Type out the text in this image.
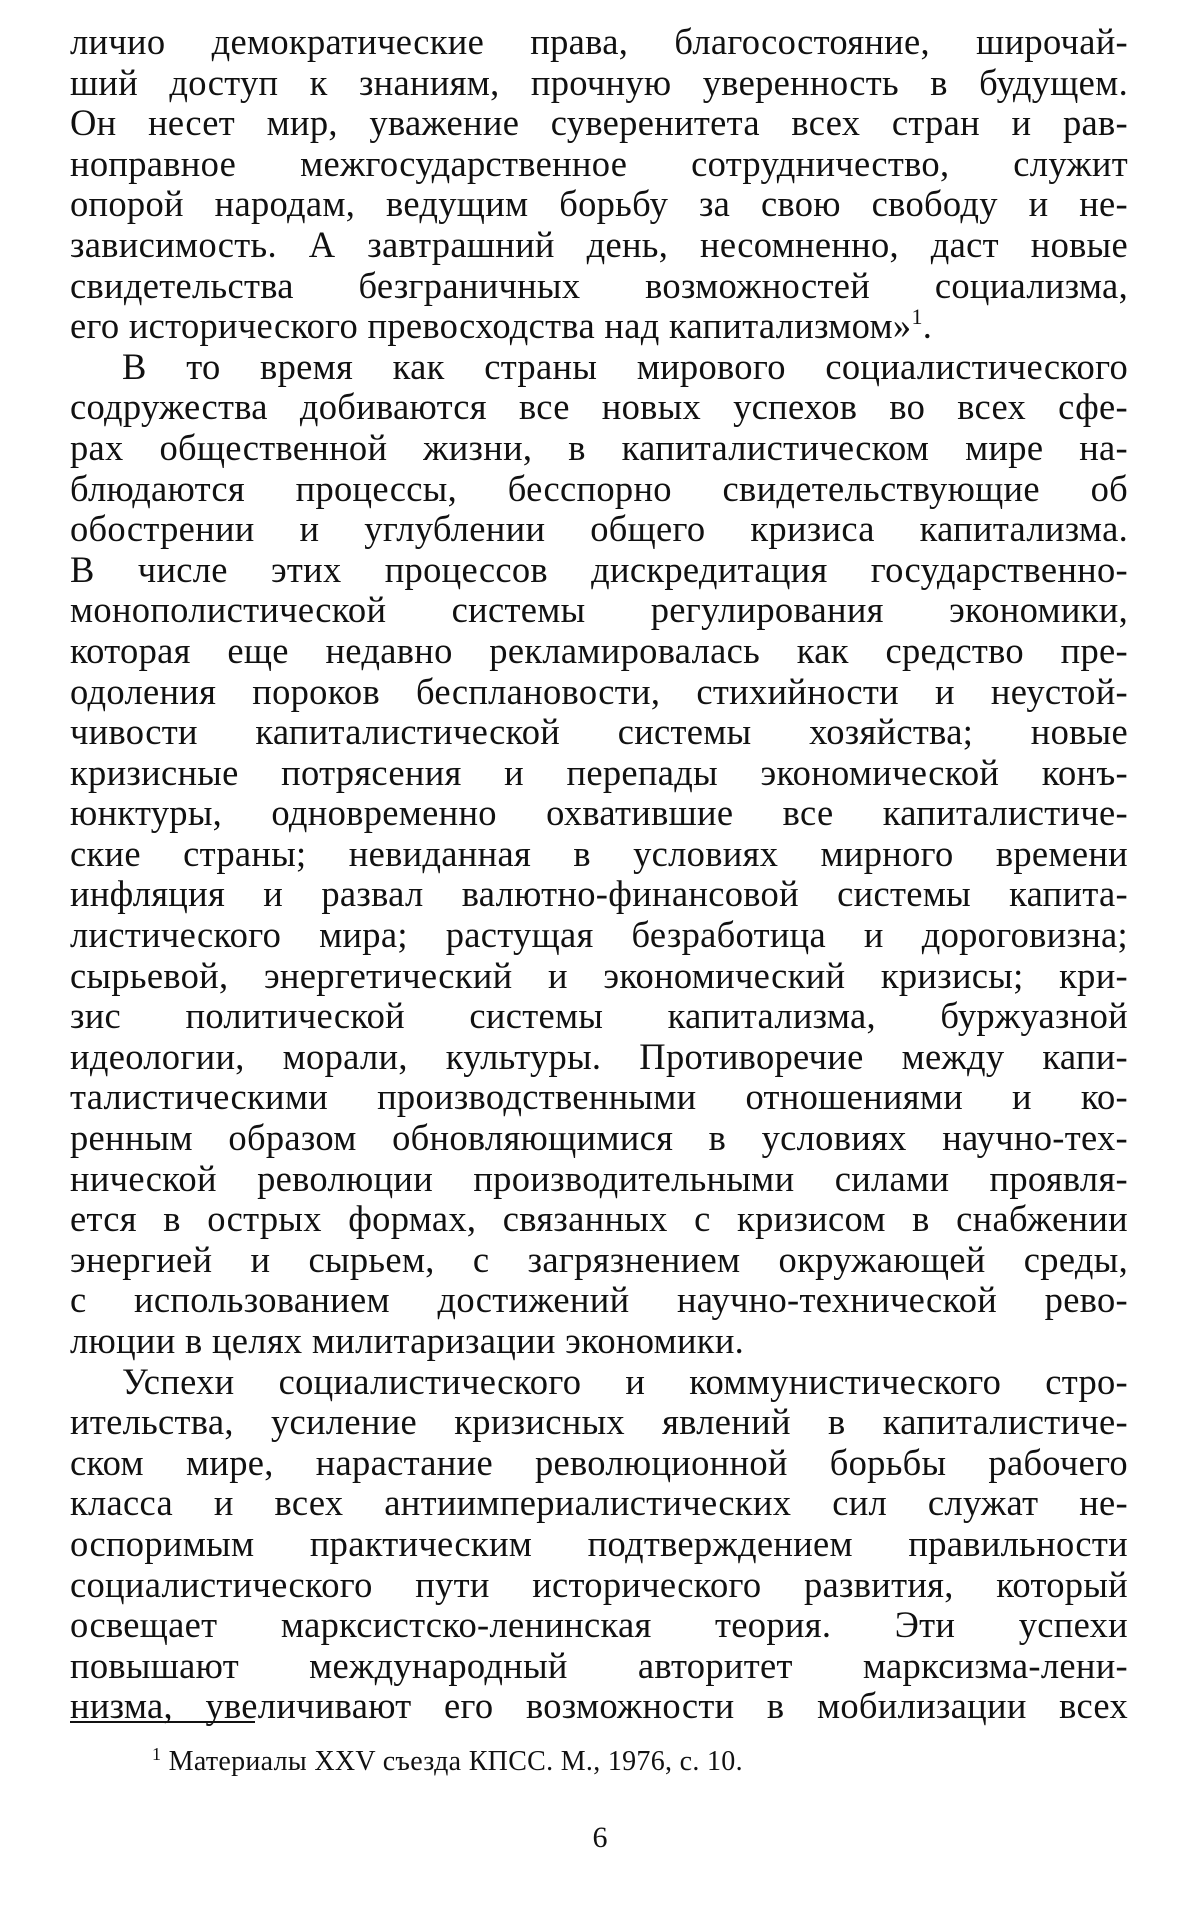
личио демократические права, благосостояние, широчай-
ший доступ к знаниям, прочную уверенность в будущем.
Он несет мир, уважение суверенитета всех стран и рав-
ноправное межгосударственное сотрудничество, служит
опорой народам, ведущим борьбу за свою свободу и не-
зависимость. А завтрашний день, несомненно, даст новые
свидетельства безграничных возможностей социализма,
его исторического превосходства над капитализмом»$^1$.
В то время как страны мирового социалистического
содружества добиваются все новых успехов во всех сфе-
рах общественной жизни, в капиталистическом мире на-
блюдаются процессы, бесспорно свидетельствующие об
обострении и углублении общего кризиса капитализма.
В числе этих процессов дискредитация государственно-
монополистической системы регулирования экономики,
которая еще недавно рекламировалась как средство пре-
одоления пороков бесплановости, стихийности и неустой-
чивости капиталистической системы хозяйства; новые
кризисные потрясения и перепады экономической конъ-
юнктуры, одновременно охватившие все капиталистиче-
ские страны; невиданная в условиях мирного времени
инфляция и развал валютно-финансовой системы капита-
листического мира; растущая безработица и дороговизна;
сырьевой, энергетический и экономический кризисы; кри-
зис политической системы капитализма, буржуазной
идеологии, морали, культуры. Противоречие между капи-
талистическими производственными отношениями и ко-
ренным образом обновляющимися в условиях научно-тех-
нической революции производительными силами проявля-
ется в острых формах, связанных с кризисом в снабжении
энергией и сырьем, с загрязнением окружающей среды,
с использованием достижений научно-технической рево-
люции в целях милитаризации экономики.
Успехи социалистического и коммунистического стро-
ительства, усиление кризисных явлений в капиталистиче-
ском мире, нарастание революционной борьбы рабочего
класса и всех антиимпериалистических сил служат не-
оспоримым практическим подтверждением правильности
социалистического пути исторического развития, который
освещает марксистско-ленинская теория. Эти успехи
повышают международный авторитет марксизма-лени-
низма, увеличивают его возможности в мобилизации всех
$^1$ Материалы XXV съезда КПСС. М., 1976, с. 10.
6
